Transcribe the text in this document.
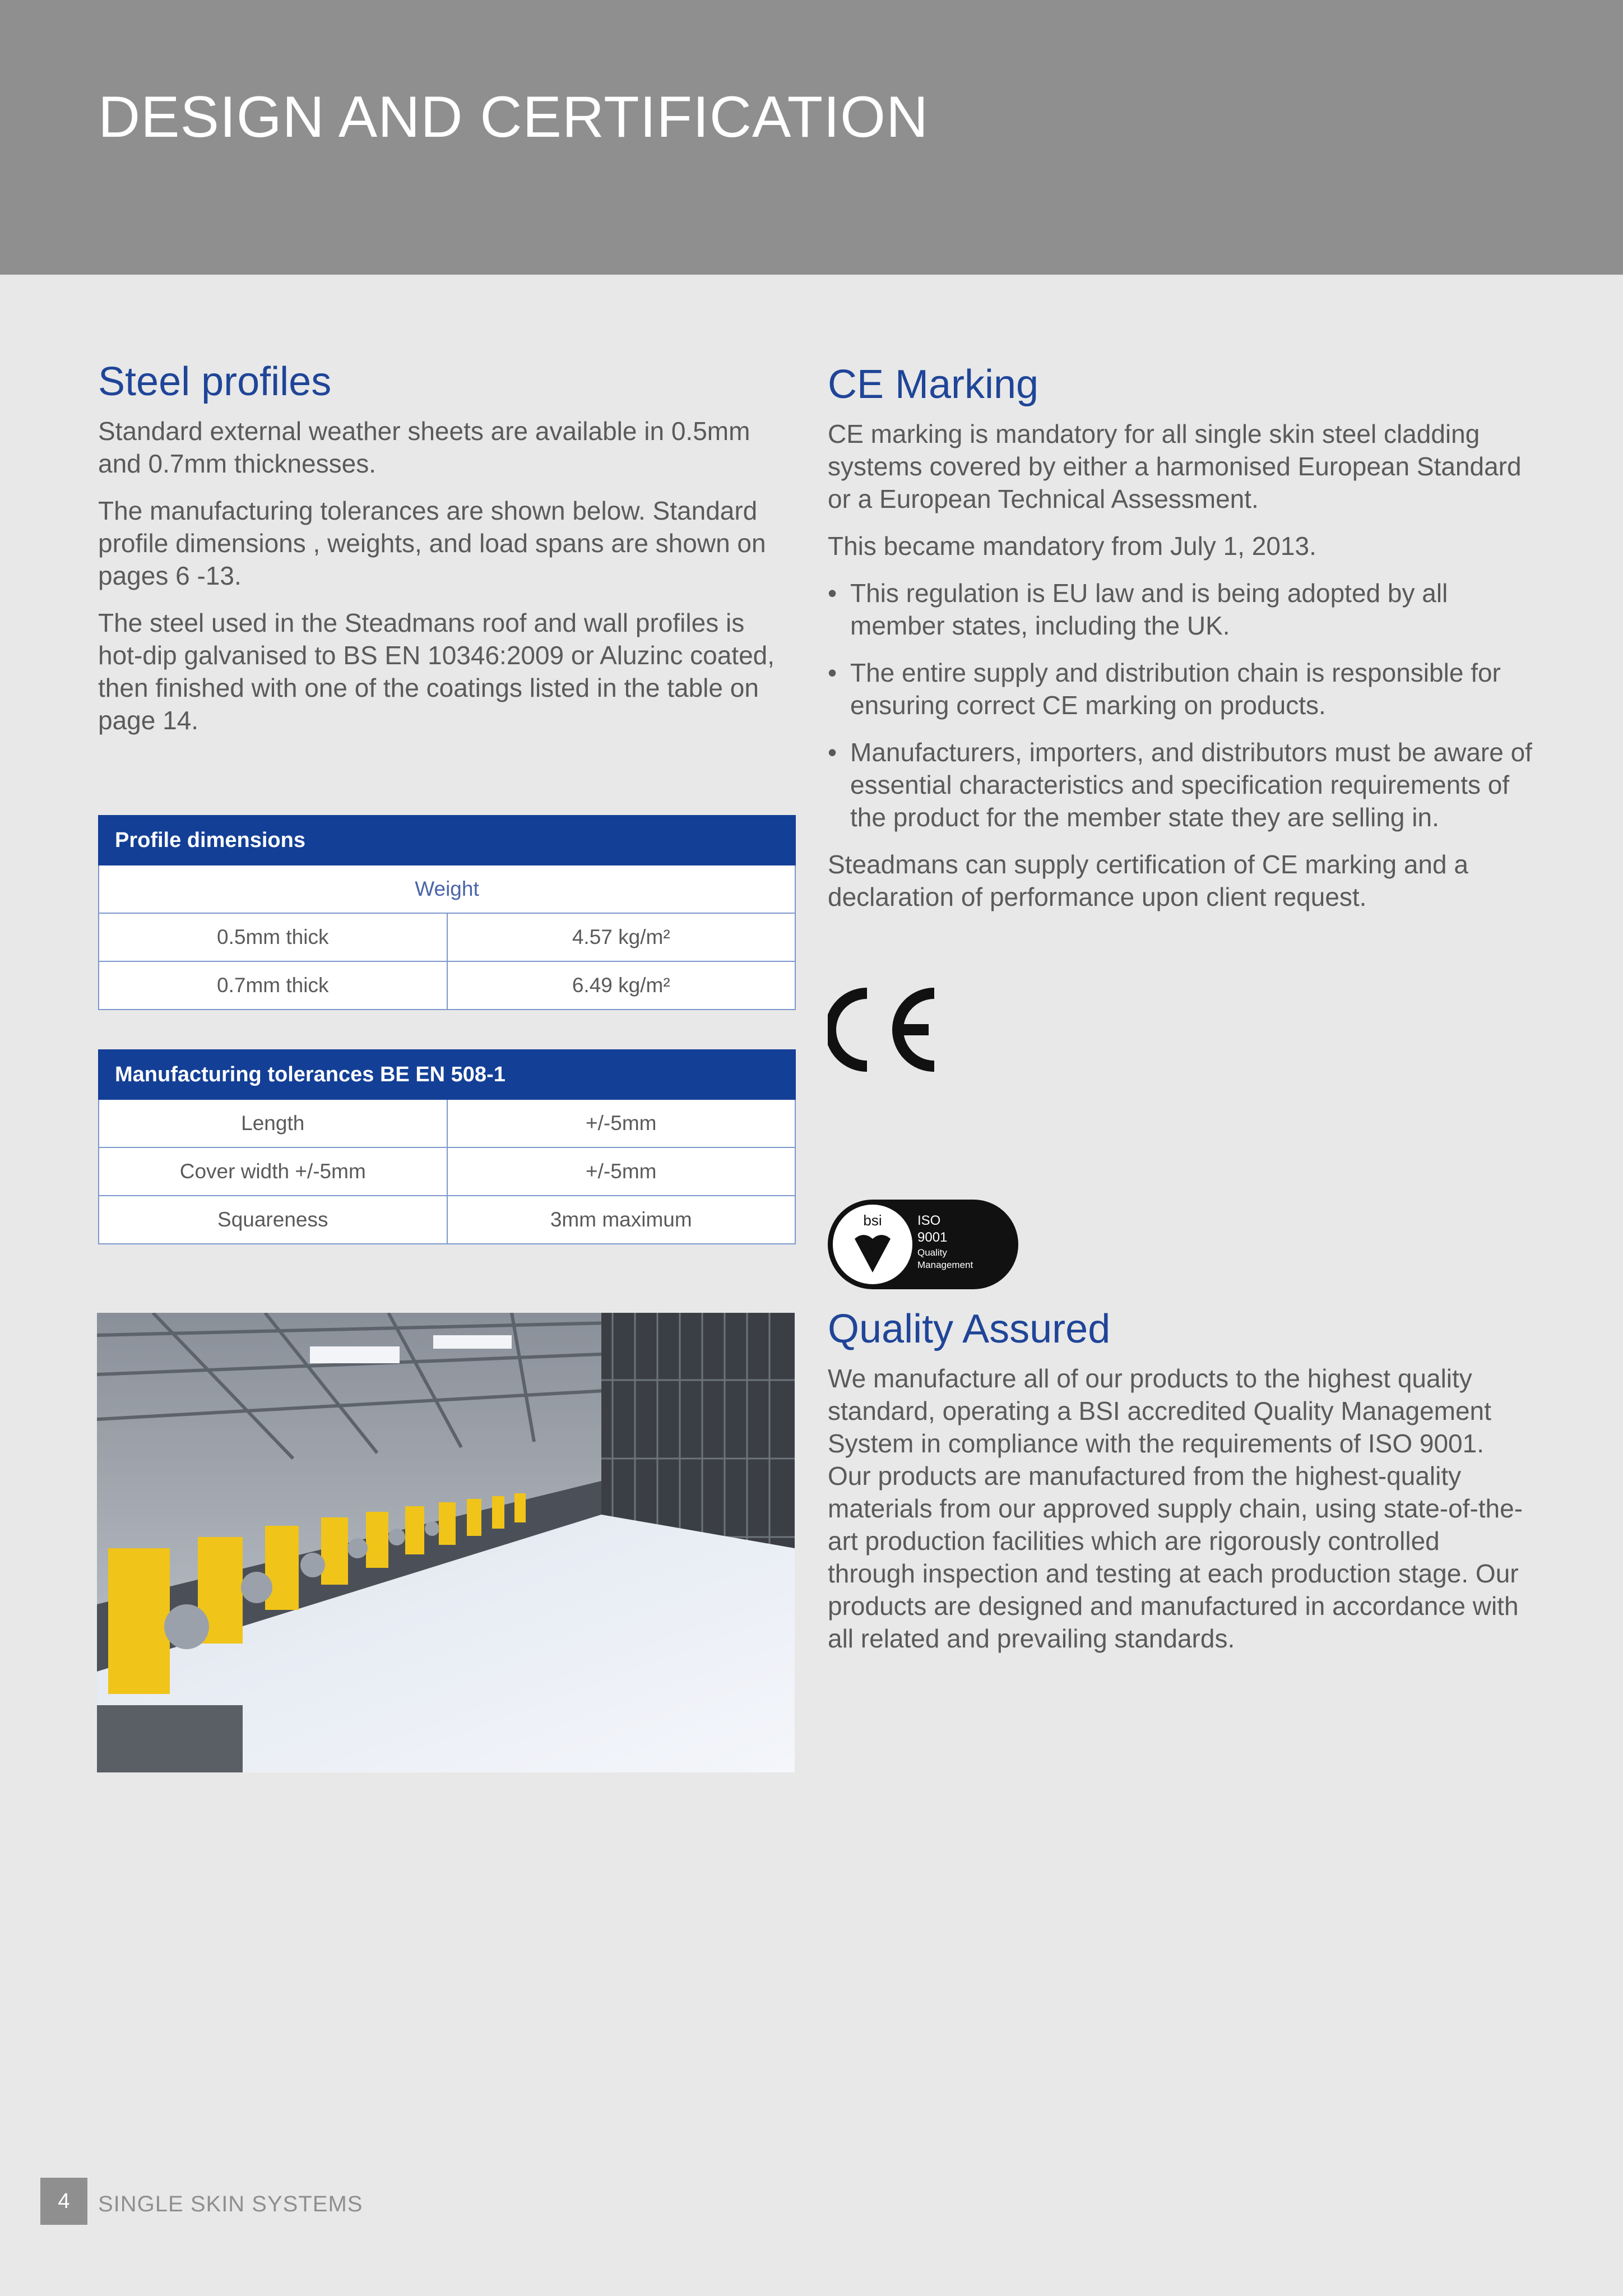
DESIGN AND CERTIFICATION
Steel profiles

Standard external weather sheets are available in 0.5mm and 0.7mm thicknesses.

The manufacturing tolerances are shown below. Standard profile dimensions , weights, and load spans are shown on pages 6 -13.

The steel used in the Steadmans roof and wall profiles is hot-dip galvanised to BS EN 10346:2009 or Aluzinc coated, then finished with one of the coatings listed in the table on page 14.

Profile dimensions	
Weight	
0.5mm thick	4.57 kg/m²
0.7mm thick	6.49 kg/m²
Manufacturing tolerances BE EN 508-1	
Length	+/-5mm
Cover width +/-5mm	+/-5mm
Squareness	3mm maximum
CE Marking

CE marking is mandatory for all single skin steel cladding systems covered by either a harmonised European Standard or a European Technical Assessment.

This became mandatory from July 1, 2013.

• This regulation is EU law and is being adopted by all member states, including the UK.
• The entire supply and distribution chain is responsible for ensuring correct CE marking on products.
• Manufacturers, importers, and distributors must be aware of essential characteristics and specification requirements of the product for the member state they are selling in.

Steadmans can supply certification of CE marking and a declaration of performance upon client request.

bsi	ISO
9001
Quality
Management
Quality Assured

We manufacture all of our products to the highest quality standard, operating a BSI accredited Quality Management System in compliance with the requirements of ISO 9001. Our products are manufactured from the highest-quality materials from our approved supply chain, using state-of-the-art production facilities which are rigorously controlled through inspection and testing at each production stage. Our products are designed and manufactured in accordance with all related and prevailing standards.

4	SINGLE SKIN SYSTEMS
